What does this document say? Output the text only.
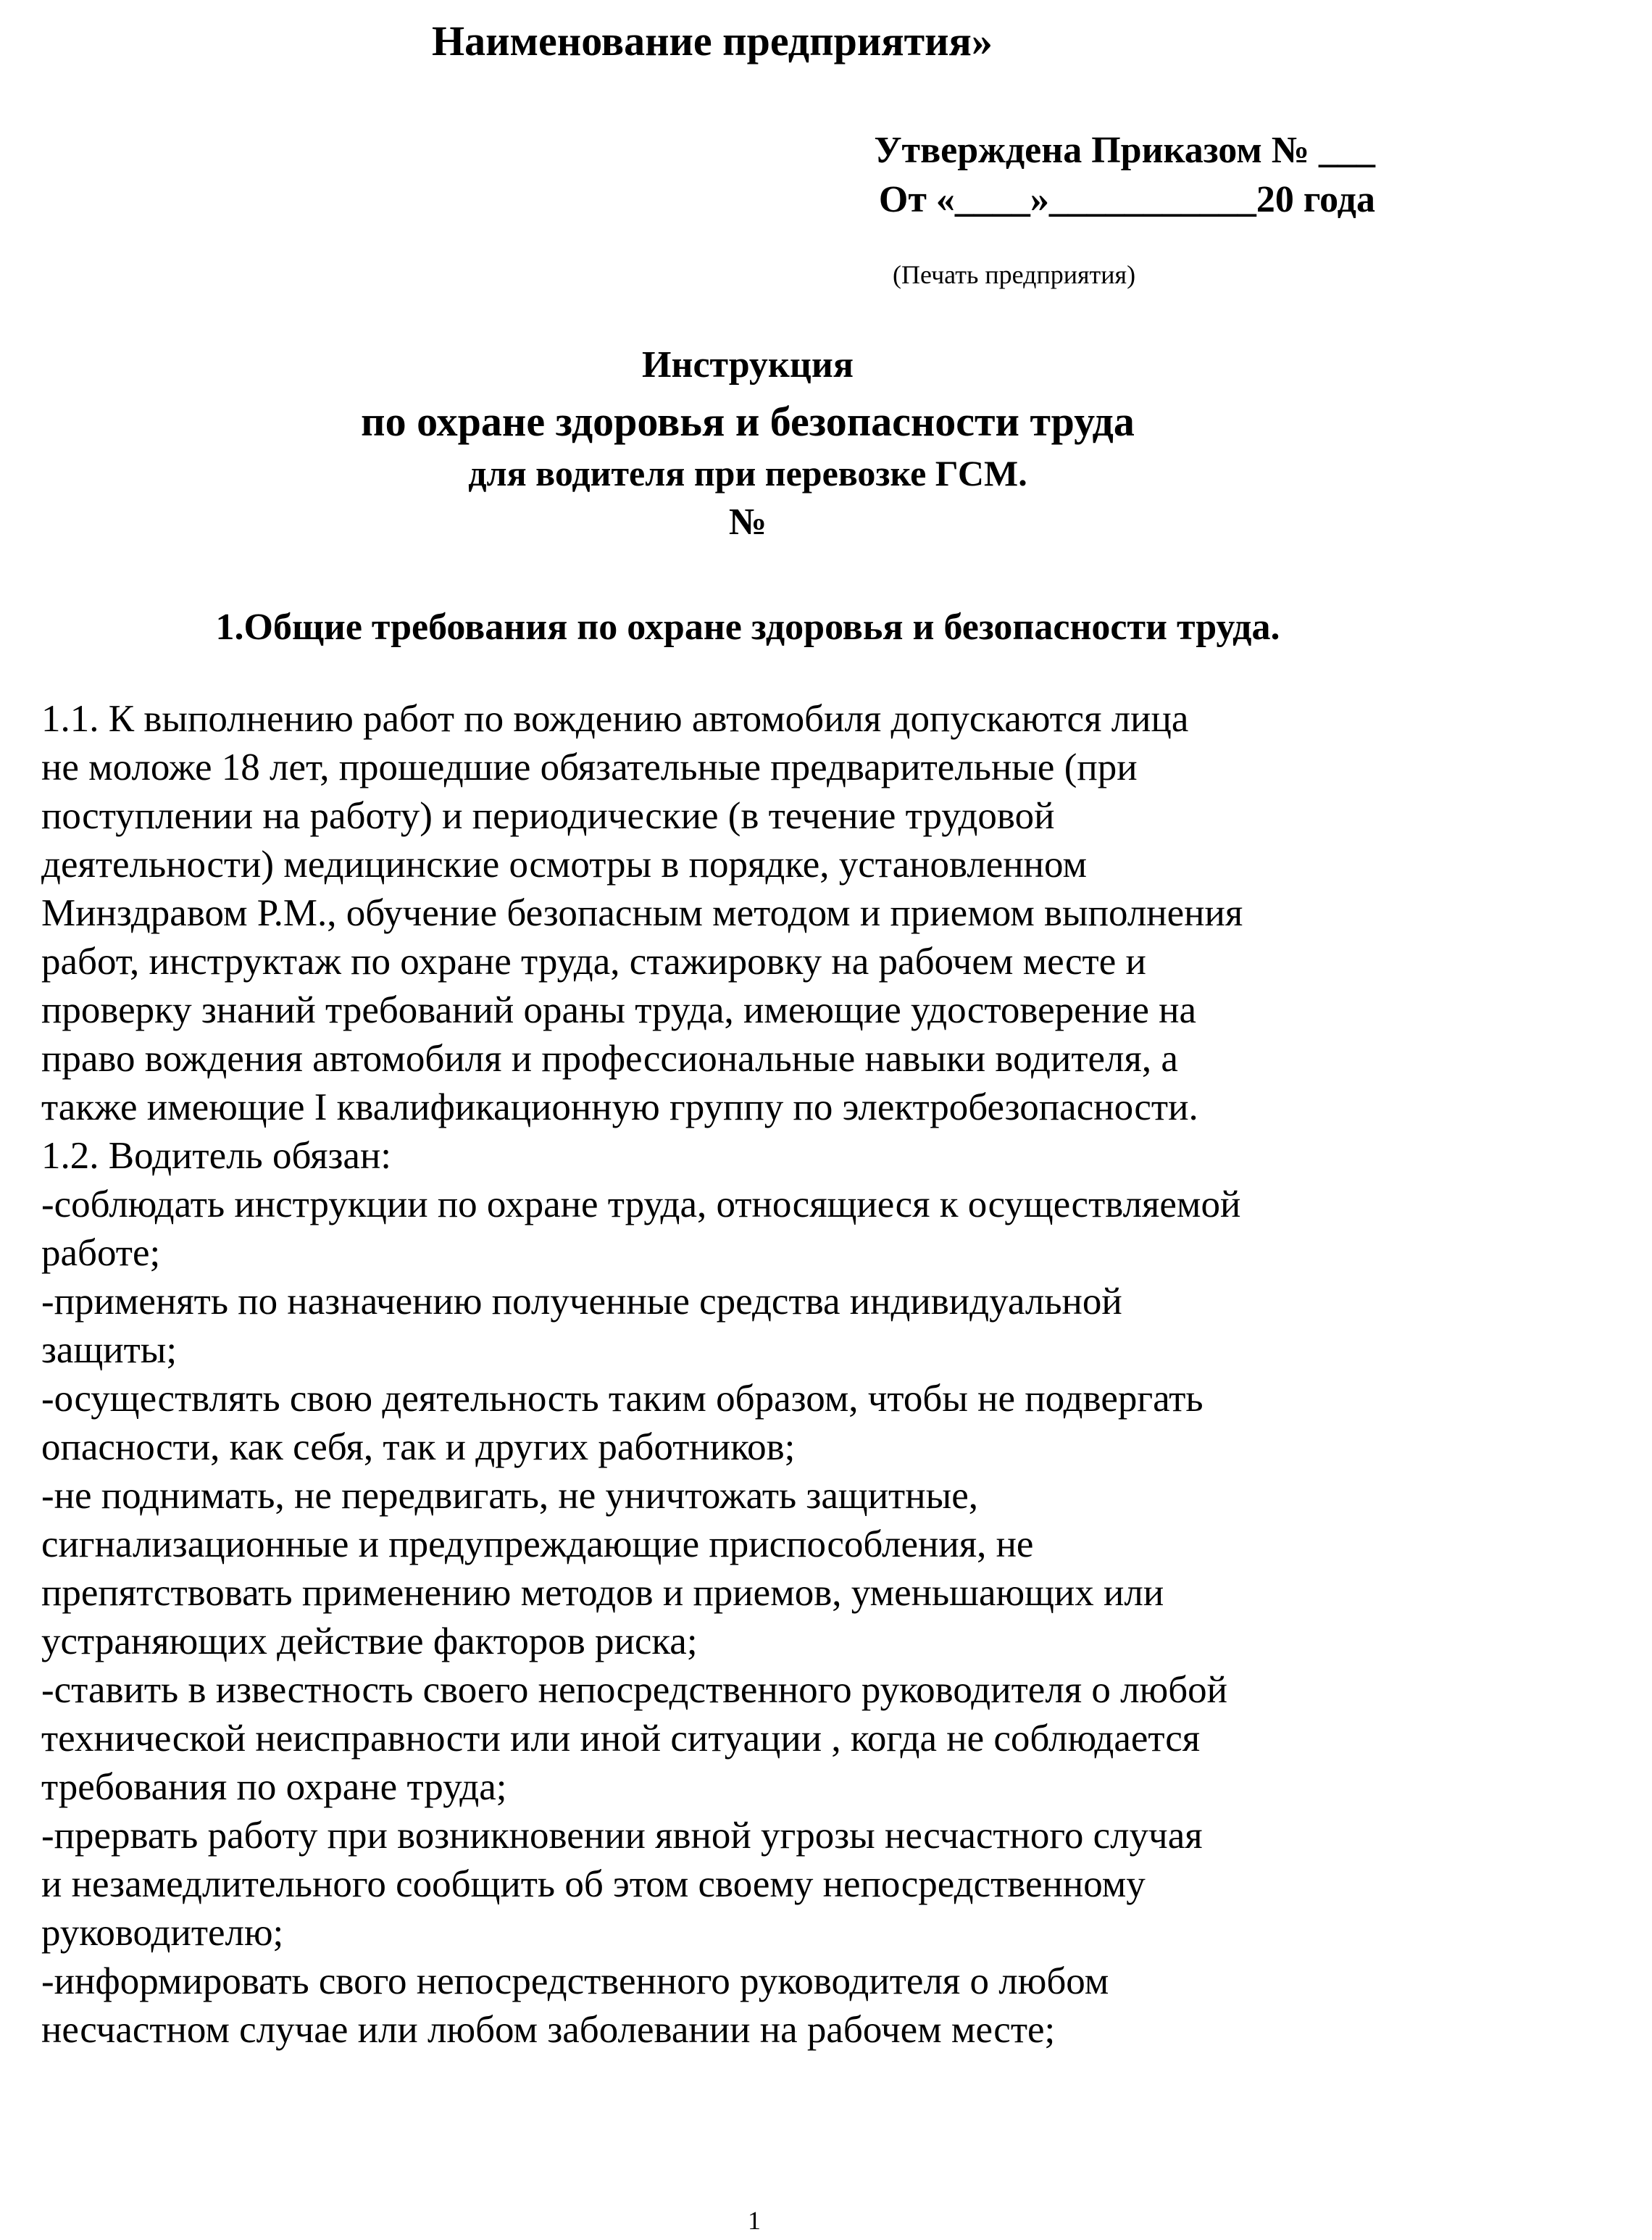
Наименование предприятия»
Утверждена Приказом № ___
От «____»___________20 года
(Печать предприятия)
Инструкция
по охране здоровья и безопасности труда
для водителя при перевозке ГСМ.
№
1.Общие требования по охране здоровья и безопасности труда.
1.1. К выполнению работ по вождению автомобиля допускаются лица
не моложе 18 лет, прошедшие обязательные предварительные (при
поступлении на работу) и периодические (в течение трудовой
деятельности) медицинские осмотры в порядке, установленном
Минздравом Р.М., обучение безопасным методом и приемом выполнения
работ, инструктаж по охране труда, стажировку на рабочем месте и
проверку знаний требований ораны труда, имеющие удостоверение на
право вождения автомобиля и профессиональные навыки водителя, а
также имеющие I квалификационную группу по электробезопасности.
1.2. Водитель обязан:
-соблюдать инструкции по охране труда, относящиеся к осуществляемой
работе;
-применять по назначению полученные средства индивидуальной
защиты;
-осуществлять свою деятельность таким образом, чтобы не подвергать
опасности, как себя, так и других работников;
-не поднимать, не передвигать, не уничтожать защитные,
сигнализационные и предупреждающие приспособления, не
препятствовать применению методов и приемов, уменьшающих или
устраняющих действие факторов риска;
-ставить в известность своего непосредственного руководителя о любой
технической неисправности или иной ситуации , когда не соблюдается
требования по охране труда;
-прервать работу при возникновении явной угрозы несчастного случая
и незамедлительного сообщить об этом своему непосредственному
руководителю;
-информировать свого непосредственного руководителя о любом
несчастном случае или любом заболевании на рабочем месте;
1
